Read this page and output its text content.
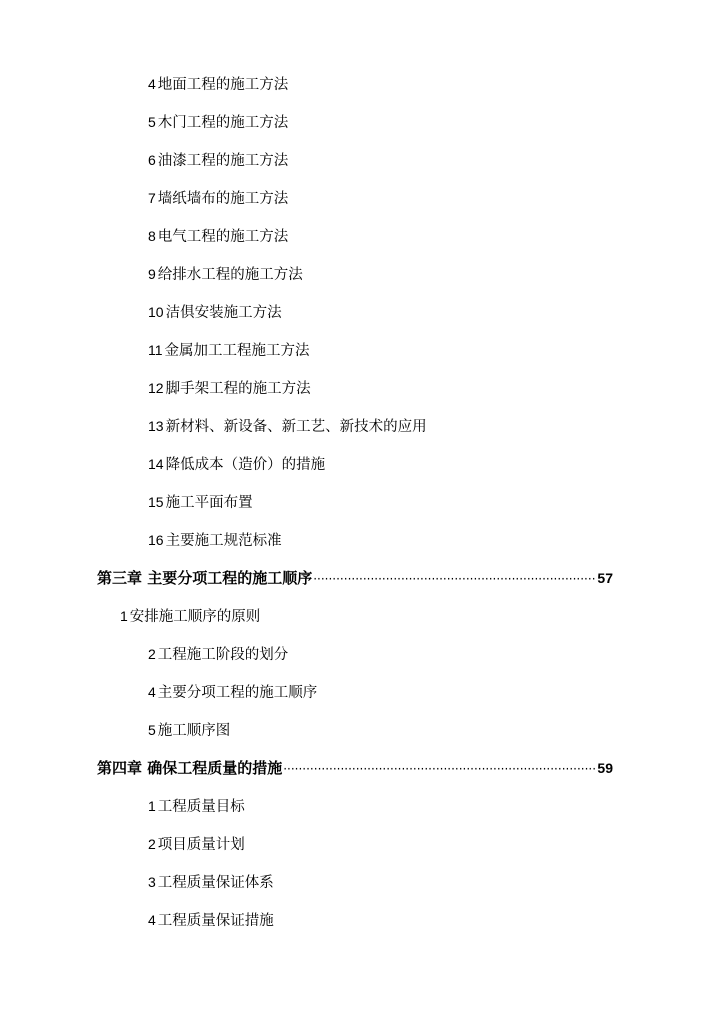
4 地面工程的施工方法
5 木门工程的施工方法
6 油漆工程的施工方法
7 墙纸墙布的施工方法
8 电气工程的施工方法
9 给排水工程的施工方法
10 洁俱安装施工方法
11 金属加工工程施工方法
12 脚手架工程的施工方法
13 新材料、新设备、新工艺、新技术的应用
14 降低成本（造价）的措施
15 施工平面布置
16 主要施工规范标准
第三章 主要分项工程的施工顺序 ·····	57
1 安排施工顺序的原则
2 工程施工阶段的划分
4 主要分项工程的施工顺序
5 施工顺序图
第四章 确保工程质量的措施 ·····	59
1 工程质量目标
2 项目质量计划
3 工程质量保证体系
4 工程质量保证措施
